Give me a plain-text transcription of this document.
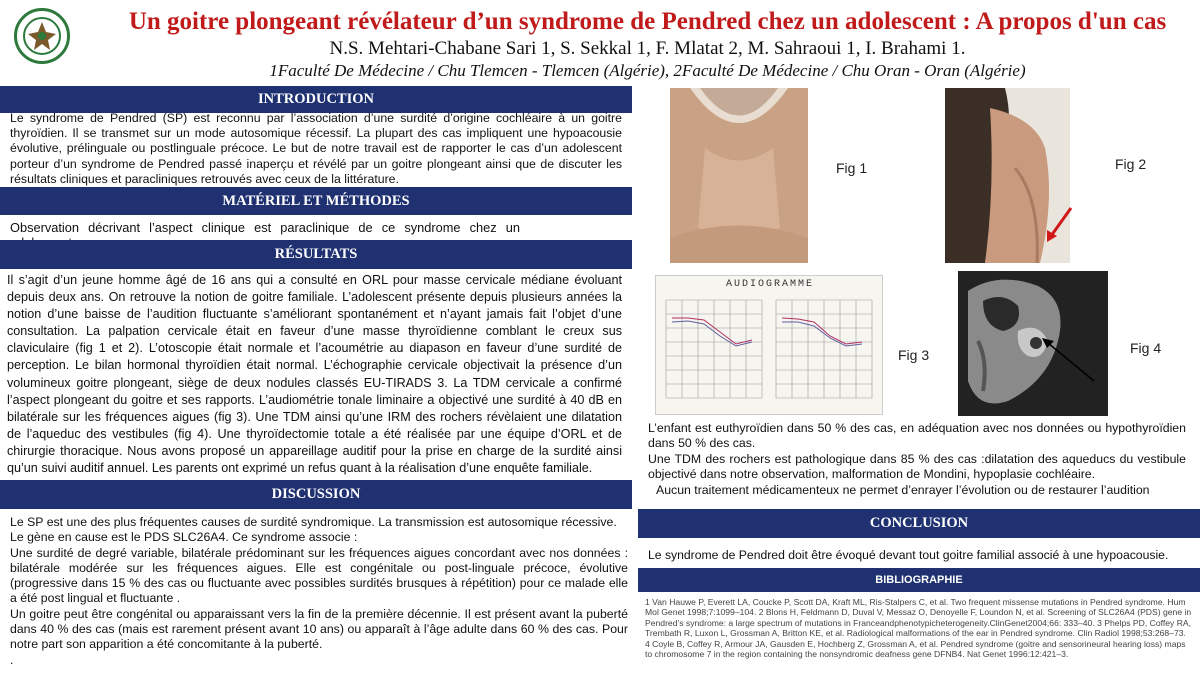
Un goitre plongeant révélateur d’un syndrome de Pendred chez un adolescent : A propos d'un cas
N.S. Mehtari-Chabane Sari 1, S. Sekkal 1, F. Mlatat 2, M. Sahraoui 1, I. Brahami 1.
1Faculté De Médecine / Chu Tlemcen - Tlemcen (Algérie), 2Faculté De Médecine / Chu Oran - Oran (Algérie)
INTRODUCTION
Le syndrome de Pendred (SP) est reconnu par l’association d’une surdité d’origine cochléaire à un goitre thyroïdien. Il se transmet sur un mode autosomique récessif. La plupart des cas impliquent une hypoacousie évolutive, prélinguale ou postlinguale précoce. Le but de notre travail est de rapporter le cas d’un adolescent porteur d’un syndrome de Pendred passé inaperçu et révélé par un goitre plongeant ainsi que de discuter les résultats cliniques et paracliniques retrouvés avec ceux de la littérature.
MATÉRIEL ET MÉTHODES
Observation décrivant l’aspect clinique est paraclinique de ce syndrome chez un
RÉSULTATS
Il s’agit d’un jeune homme âgé de 16 ans qui a consulté en ORL pour masse cervicale médiane évoluant depuis deux ans. On retrouve la notion de goitre familiale. L’adolescent présente depuis plusieurs années la notion d’une baisse de l’audition fluctuante s’améliorant spontanément et n’ayant jamais fait l’objet d’une consultation. La palpation cervicale était en faveur d’une masse thyroïdienne comblant le creux sus claviculaire (fig 1 et 2). L’otoscopie était normale et l’acoumétrie au diapason en faveur d’une surdité de perception. Le bilan hormonal thyroïdien était normal. L’échographie cervicale objectivait la présence d’un volumineux goitre plongeant, siège de deux nodules classés EU-TIRADS 3. La TDM cervicale a confirmé l’aspect plongeant du goitre et ses rapports. L’audiométrie tonale liminaire a objectivé une surdité à 40 dB en bilatérale sur les fréquences aigues (fig 3). Une TDM ainsi qu’une IRM des rochers révèlaient une dilatation de l’aqueduc des vestibules (fig 4). Une thyroïdectomie totale a été réalisée par une équipe d’ORL et de chirurgie thoracique. Nous avons proposé un appareillage auditif pour la prise en charge de la surdité ainsi qu’un suivi auditif annuel. Les parents ont exprimé un refus quant à la réalisation d’une enquête familiale.
DISCUSSION

Le SP est une des plus fréquentes causes de surdité syndromique. La transmission est autosomique récessive.

Le gène en cause est le PDS SLC26A4. Ce syndrome associe :

Une surdité de degré variable, bilatérale prédominant sur les fréquences aigues concordant avec nos données : bilatérale modérée sur les fréquences aigues. Elle est congénitale ou post-linguale précoce, évolutive (progressive dans 15 % des cas ou fluctuante avec possibles surdités brusques à répétition) pour ce malade elle a été post lingual et fluctuante .

Un goitre peut être congénital ou apparaissant vers la fin de la première décennie. Il est présent avant la puberté dans 40 % des cas (mais est rarement présent avant 10 ans) ou apparaît à l’âge adulte dans 60 % des cas. Pour notre part son apparition a été concomitante à la puberté.

.

Fig 1	Fig 2
AUDIOGRAMME
Fig 3	Fig 4

L’enfant est euthyroïdien dans 50 % des cas, en adéquation avec nos données ou hypothyroïdien dans 50 % des cas.

Une TDM des rochers est pathologique dans 85 % des cas :dilatation des aqueducs du vestibule objectivé dans notre observation, malformation de Mondini, hypoplasie cochléaire.

Aucun traitement médicamenteux ne permet d’enrayer l’évolution ou de restaurer l’audition

CONCLUSION
Le syndrome de Pendred doit être évoqué devant tout goitre familial associé à une hypoacousie.
BIBLIOGRAPHIE
1 Van Hauwe P, Everett LA, Coucke P, Scott DA, Kraft ML, Ris-Stalpers C, et al. Two frequent missense mutations in Pendred syndrome. Hum Mol Genet 1998;7:1099–104. 2 Blons H, Feldmann D, Duval V, Messaz O, Denoyelle F, Loundon N, et al. Screening of SLC26A4 (PDS) gene in Pendred’s syndrome: a large spectrum of mutations in Franceandphenotypicheterogeneity.ClinGenet2004;66: 333–40. 3 Phelps PD, Coffey RA, Trembath R, Luxon L, Grossman A, Britton KE, et al. Radiological malformations of the ear in Pendred syndrome. Clin Radiol 1998;53:268–73. 4 Coyle B, Coffey R, Armour JA, Gausden E, Hochberg Z, Grossman A, et al. Pendred syndrome (goitre and sensorineural hearing loss) maps to chromosome 7 in the region containing the nonsyndromic deafness gene DFNB4. Nat Genet 1996:12:421–3.
